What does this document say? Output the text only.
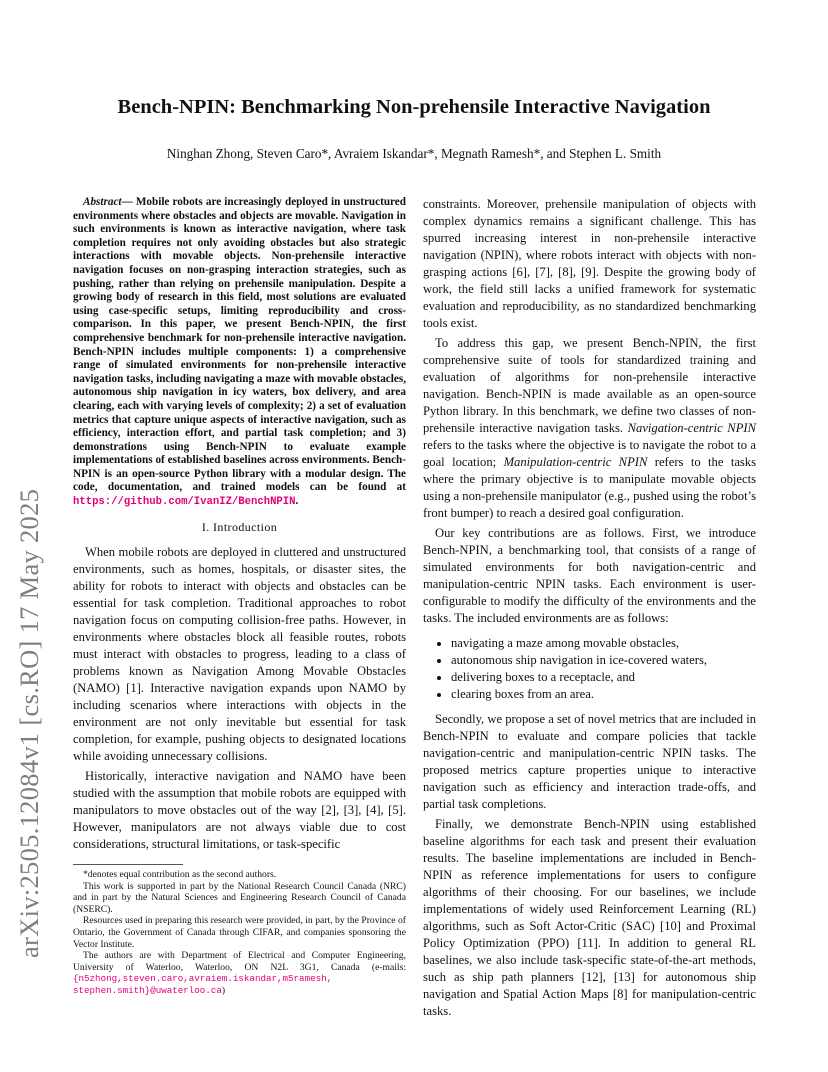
arXiv:2505.12084v1 [cs.RO] 17 May 2025
Bench-NPIN: Benchmarking Non-prehensile Interactive Navigation
Ninghan Zhong, Steven Caro*, Avraiem Iskandar*, Megnath Ramesh*, and Stephen L. Smith

Abstract— Mobile robots are increasingly deployed in unstructured environments where obstacles and objects are movable. Navigation in such environments is known as interactive navigation, where task completion requires not only avoiding obstacles but also strategic interactions with movable objects. Non-prehensile interactive navigation focuses on non-grasping interaction strategies, such as pushing, rather than relying on prehensile manipulation. Despite a growing body of research in this field, most solutions are evaluated using case-specific setups, limiting reproducibility and cross-comparison. In this paper, we present Bench-NPIN, the first comprehensive benchmark for non-prehensile interactive navigation. Bench-NPIN includes multiple components: 1) a comprehensive range of simulated environments for non-prehensile interactive navigation tasks, including navigating a maze with movable obstacles, autonomous ship navigation in icy waters, box delivery, and area clearing, each with varying levels of complexity; 2) a set of evaluation metrics that capture unique aspects of interactive navigation, such as efficiency, interaction effort, and partial task completion; and 3) demonstrations using Bench-NPIN to evaluate example implementations of established baselines across environments. Bench-NPIN is an open-source Python library with a modular design. The code, documentation, and trained models can be found at https://github.com/IvanIZ/BenchNPIN.

I. Introduction

When mobile robots are deployed in cluttered and unstructured environments, such as homes, hospitals, or disaster sites, the ability for robots to interact with objects and obstacles can be essential for task completion. Traditional approaches to robot navigation focus on computing collision-free paths. However, in environments where obstacles block all feasible routes, robots must interact with obstacles to progress, leading to a class of problems known as Navigation Among Movable Obstacles (NAMO) [1]. Interactive navigation expands upon NAMO by including scenarios where interactions with objects in the environment are not only inevitable but essential for task completion, for example, pushing objects to designated locations while avoiding unnecessary collisions.

Historically, interactive navigation and NAMO have been studied with the assumption that mobile robots are equipped with manipulators to move obstacles out of the way [2], [3], [4], [5]. However, manipulators are not always viable due to cost considerations, structural limitations, or task-specific

*denotes equal contribution as the second authors.

This work is supported in part by the National Research Council Canada (NRC) and in part by the Natural Sciences and Engineering Research Council of Canada (NSERC).

Resources used in preparing this research were provided, in part, by the Province of Ontario, the Government of Canada through CIFAR, and companies sponsoring the Vector Institute.

The authors are with Department of Electrical and Computer Engineering, University of Waterloo, Waterloo, ON N2L 3G1, Canada (e-mails: {n5zhong,steven.caro,avraiem.iskandar,m5ramesh, stephen.smith}@uwaterloo.ca)

constraints. Moreover, prehensile manipulation of objects with complex dynamics remains a significant challenge. This has spurred increasing interest in non-prehensile interactive navigation (NPIN), where robots interact with objects with non-grasping actions [6], [7], [8], [9]. Despite the growing body of work, the field still lacks a unified framework for systematic evaluation and reproducibility, as no standardized benchmarking tools exist.

To address this gap, we present Bench-NPIN, the first comprehensive suite of tools for standardized training and evaluation of algorithms for non-prehensile interactive navigation. Bench-NPIN is made available as an open-source Python library. In this benchmark, we define two classes of non-prehensile interactive navigation tasks. Navigation-centric NPIN refers to the tasks where the objective is to navigate the robot to a goal location; Manipulation-centric NPIN refers to the tasks where the primary objective is to manipulate movable objects using a non-prehensile manipulator (e.g., pushed using the robot’s front bumper) to reach a desired goal configuration.

Our key contributions are as follows. First, we introduce Bench-NPIN, a benchmarking tool, that consists of a range of simulated environments for both navigation-centric and manipulation-centric NPIN tasks. Each environment is user-configurable to modify the difficulty of the environments and the tasks. The included environments are as follows:

• navigating a maze among movable obstacles,
• autonomous ship navigation in ice-covered waters,
• delivering boxes to a receptacle, and
• clearing boxes from an area.

Secondly, we propose a set of novel metrics that are included in Bench-NPIN to evaluate and compare policies that tackle navigation-centric and manipulation-centric NPIN tasks. The proposed metrics capture properties unique to interactive navigation such as efficiency and interaction trade-offs, and partial task completions.

Finally, we demonstrate Bench-NPIN using established baseline algorithms for each task and present their evaluation results. The baseline implementations are included in Bench-NPIN as reference implementations for users to configure algorithms of their choosing. For our baselines, we include implementations of widely used Reinforcement Learning (RL) algorithms, such as Soft Actor-Critic (SAC) [10] and Proximal Policy Optimization (PPO) [11]. In addition to general RL baselines, we also include task-specific state-of-the-art methods, such as ship path planners [12], [13] for autonomous ship navigation and Spatial Action Maps [8] for manipulation-centric tasks.
